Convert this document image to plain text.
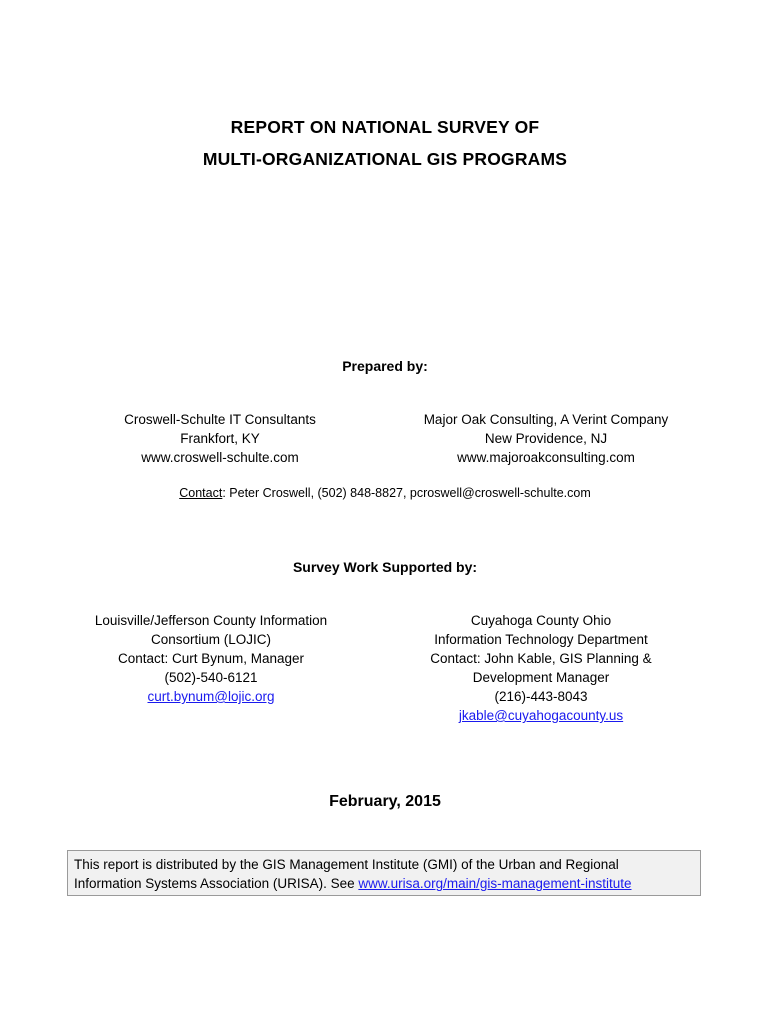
REPORT ON NATIONAL SURVEY OF
MULTI-ORGANIZATIONAL GIS PROGRAMS
Prepared by:
Croswell-Schulte IT Consultants
Frankfort, KY
www.croswell-schulte.com
Major Oak Consulting, A Verint Company
New Providence, NJ
www.majoroakconsulting.com
Contact: Peter Croswell, (502) 848-8827, pcroswell@croswell-schulte.com
Survey Work Supported by:
Louisville/Jefferson County Information
Consortium (LOJIC)
Contact: Curt Bynum, Manager
(502)-540-6121
curt.bynum@lojic.org
Cuyahoga County Ohio
Information Technology Department
Contact: John Kable, GIS Planning &
Development Manager
(216)-443-8043
jkable@cuyahogacounty.us
February, 2015
This report is distributed by the GIS Management Institute (GMI) of the Urban and Regional
Information Systems Association (URISA). See www.urisa.org/main/gis-management-institute
